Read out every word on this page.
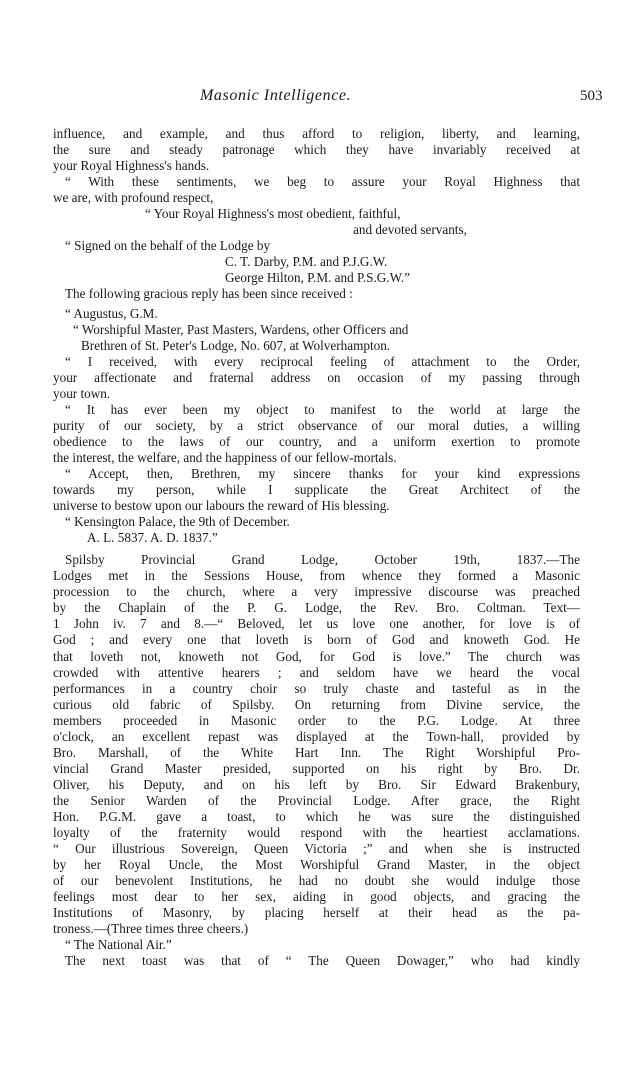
Masonic Intelligence.	503
influence, and example, and thus afford to religion, liberty, and learning,
the sure and steady patronage which they have invariably received at
your Royal Highness's hands.
“ With these sentiments, we beg to assure your Royal Highness that
we are, with profound respect,
“ Your Royal Highness's most obedient, faithful,
and devoted servants,
“ Signed on the behalf of the Lodge by
C. T. Darby, P.M. and P.J.G.W.
George Hilton, P.M. and P.S.G.W.”
The following gracious reply has been since received :
“ Augustus, G.M.
“ Worshipful Master, Past Masters, Wardens, other Officers and
Brethren of St. Peter's Lodge, No. 607, at Wolverhampton.
“ I received, with every reciprocal feeling of attachment to the Order,
your affectionate and fraternal address on occasion of my passing through
your town.
“ It has ever been my object to manifest to the world at large the
purity of our society, by a strict observance of our moral duties, a willing
obedience to the laws of our country, and a uniform exertion to promote
the interest, the welfare, and the happiness of our fellow-mortals.
“ Accept, then, Brethren, my sincere thanks for your kind expressions
towards my person, while I supplicate the Great Architect of the
universe to bestow upon our labours the reward of His blessing.
“ Kensington Palace, the 9th of December.
A. L. 5837. A. D. 1837.”
Spilsby Provincial Grand Lodge, October 19th, 1837.—The
Lodges met in the Sessions House, from whence they formed a Masonic
procession to the church, where a very impressive discourse was preached
by the Chaplain of the P. G. Lodge, the Rev. Bro. Coltman. Text—
1 John iv. 7 and 8.—“ Beloved, let us love one another, for love is of
God ; and every one that loveth is born of God and knoweth God. He
that loveth not, knoweth not God, for God is love.” The church was
crowded with attentive hearers ; and seldom have we heard the vocal
performances in a country choir so truly chaste and tasteful as in the
curious old fabric of Spilsby. On returning from Divine service, the
members proceeded in Masonic order to the P.G. Lodge. At three
o'clock, an excellent repast was displayed at the Town-hall, provided by
Bro. Marshall, of the White Hart Inn. The Right Worshipful Pro-
vincial Grand Master presided, supported on his right by Bro. Dr.
Oliver, his Deputy, and on his left by Bro. Sir Edward Brakenbury,
the Senior Warden of the Provincial Lodge. After grace, the Right
Hon. P.G.M. gave a toast, to which he was sure the distinguished
loyalty of the fraternity would respond with the heartiest acclamations.
“ Our illustrious Sovereign, Queen Victoria ;” and when she is instructed
by her Royal Uncle, the Most Worshipful Grand Master, in the object
of our benevolent Institutions, he had no doubt she would indulge those
feelings most dear to her sex, aiding in good objects, and gracing the
Institutions of Masonry, by placing herself at their head as the pa-
troness.—(Three times three cheers.)
“ The National Air.”
The next toast was that of “ The Queen Dowager,” who had kindly
